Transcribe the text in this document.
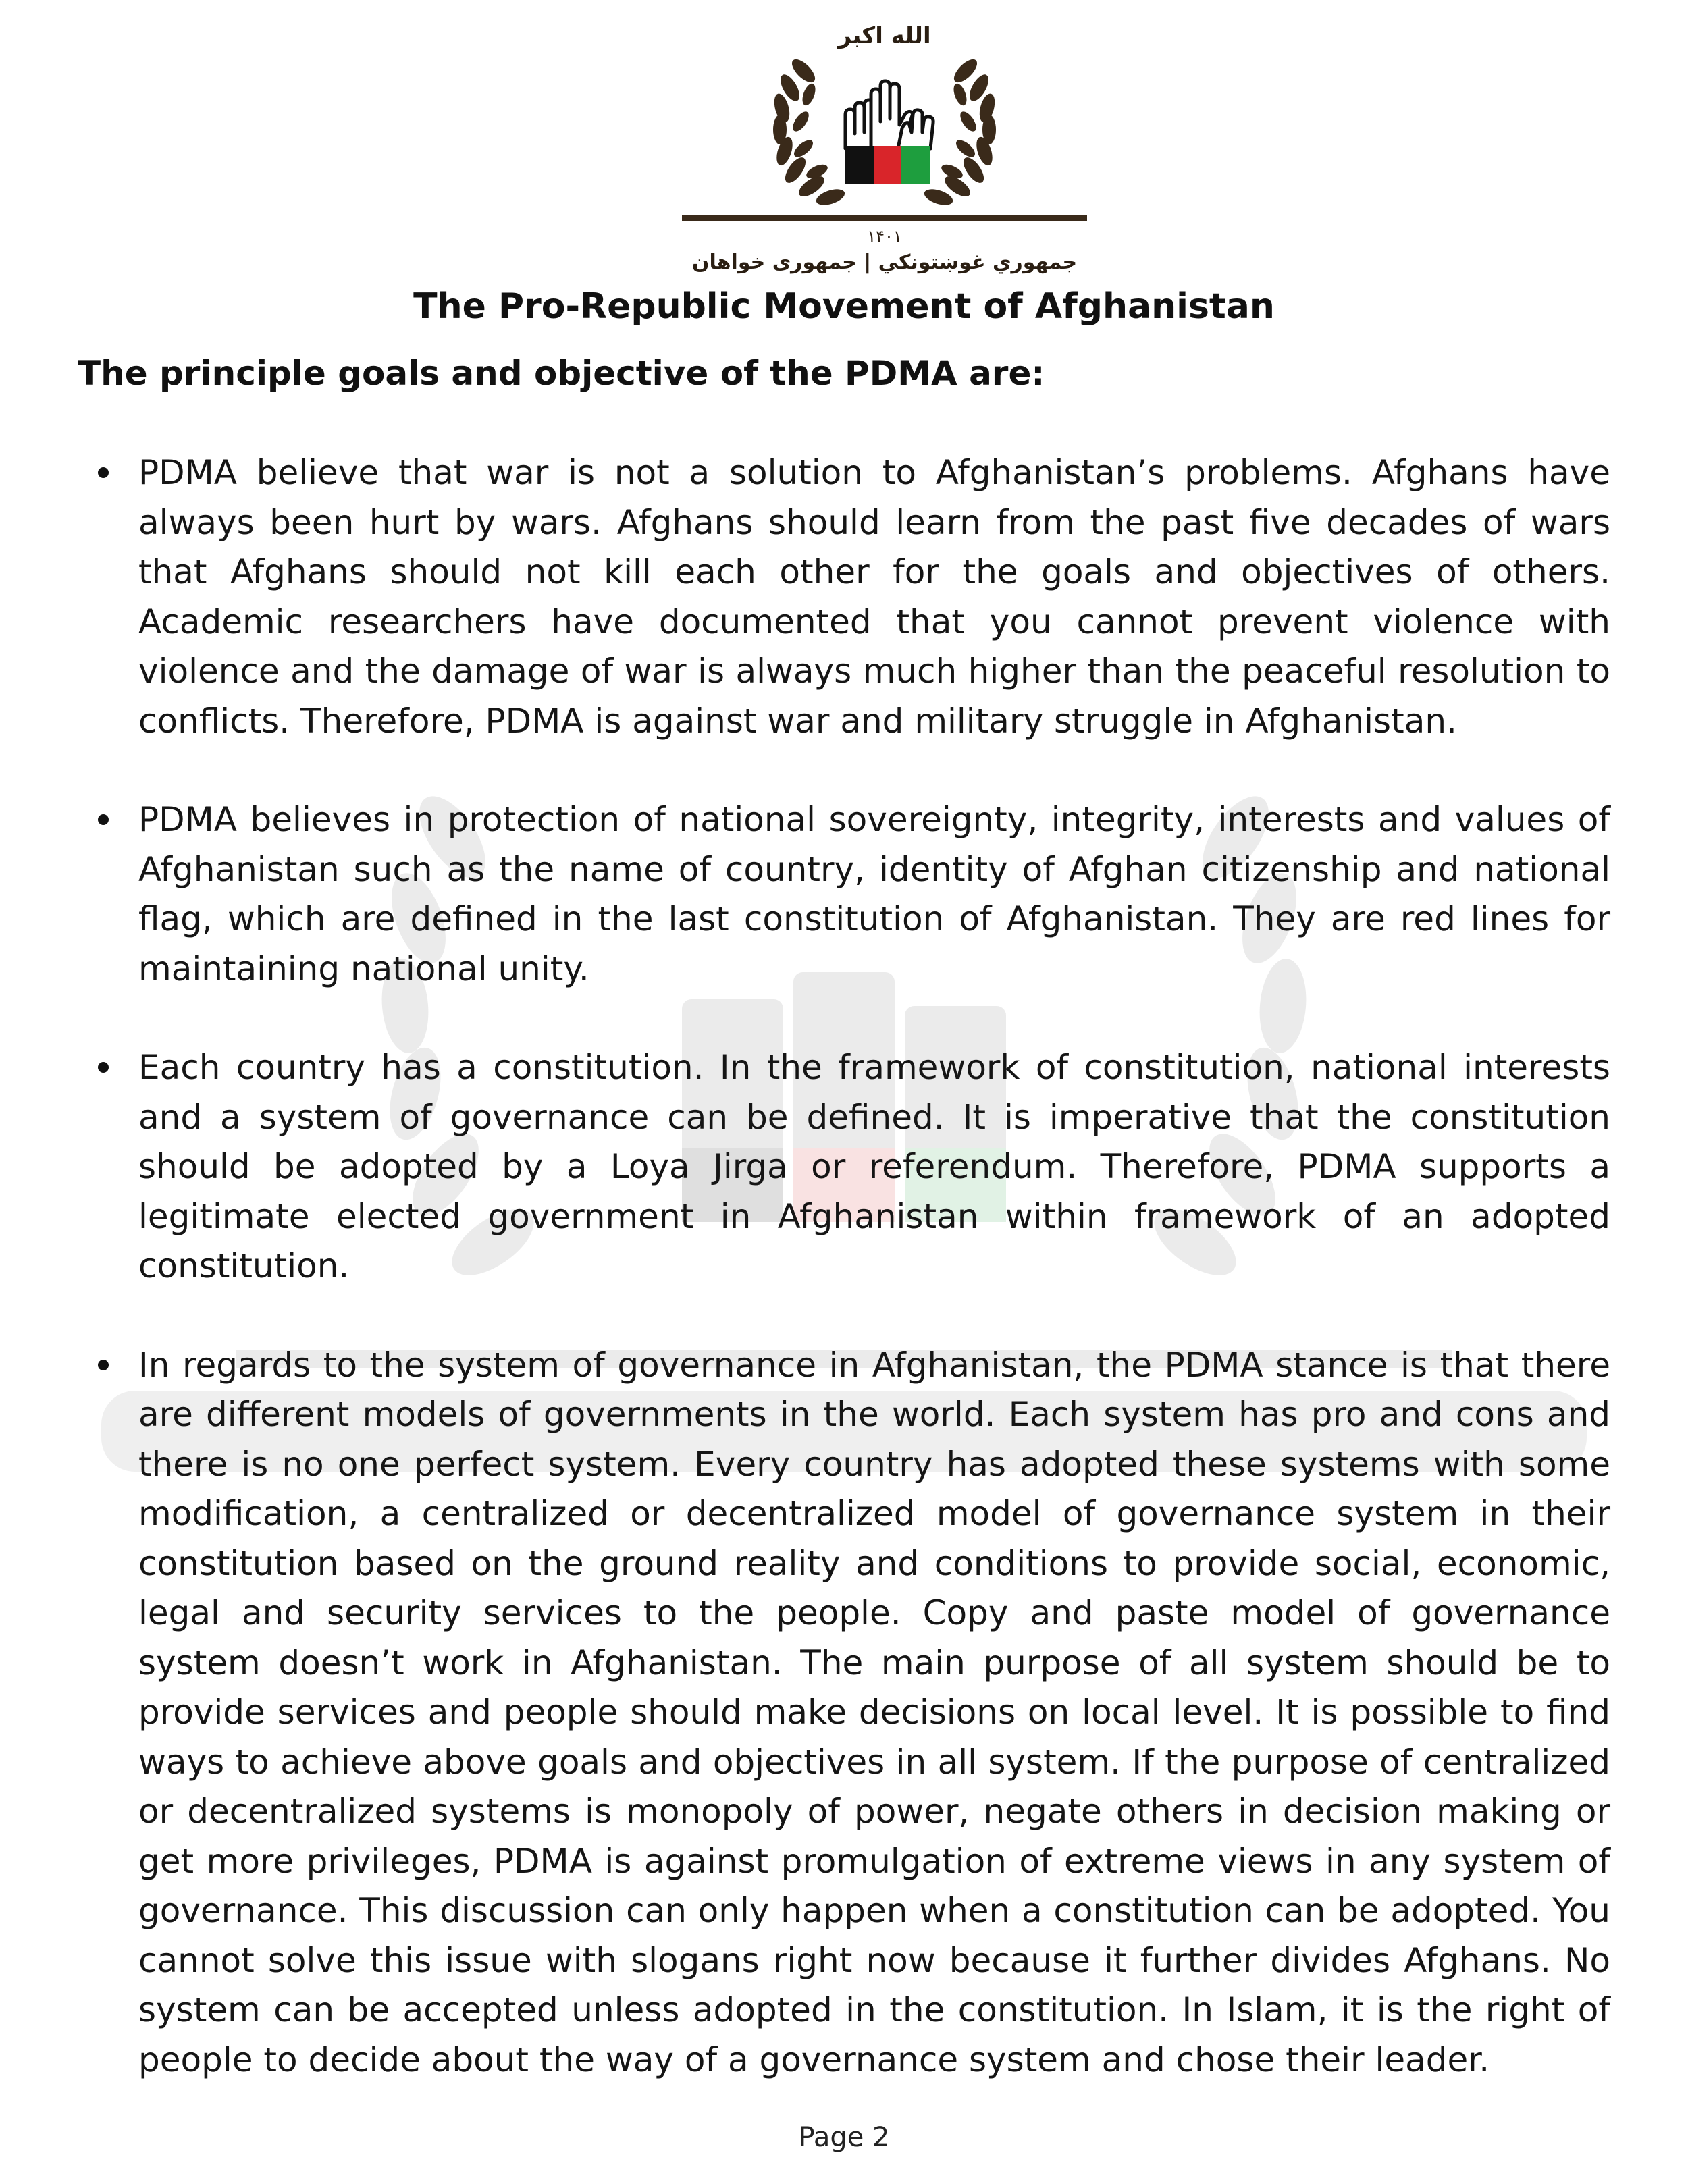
الله اکبر
۱۴۰۱
جمهوري غوښتونکي | جمهوری خواهان
The Pro-Republic Movement of Afghanistan
The principle goals and objective of the PDMA are:
PDMA believe that war is not a solution to Afghanistan’s problems. Afghans have always been hurt by wars. Afghans should learn from the past five decades of wars that Afghans should not kill each other for the goals and objectives of others. Academic researchers have documented that you cannot prevent violence with violence and the damage of war is always much higher than the peaceful resolution to conflicts. Therefore, PDMA is against war and military struggle in Afghanistan.
PDMA believes in protection of national sovereignty, integrity, interests and values of Afghanistan such as the name of country, identity of Afghan citizenship and national flag, which are defined in the last constitution of Afghanistan. They are red lines for maintaining national unity.
Each country has a constitution. In the framework of constitution, national interests and a system of governance can be defined. It is imperative that the constitution should be adopted by a Loya Jirga or referendum. Therefore, PDMA supports a legitimate elected government in Afghanistan within framework of an adopted constitution.
In regards to the system of governance in Afghanistan, the PDMA stance is that there are different models of governments in the world. Each system has pro and cons and there is no one perfect system. Every country has adopted these systems with some modification, a centralized or decentralized model of governance system in their constitution based on the ground reality and conditions to provide social, economic, legal and security services to the people. Copy and paste model of governance system doesn’t work in Afghanistan. The main purpose of all system should be to provide services and people should make decisions on local level. It is possible to find ways to achieve above goals and objectives in all system. If the purpose of centralized or decentralized systems is monopoly of power, negate others in decision making or get more privileges, PDMA is against promulgation of extreme views in any system of governance. This discussion can only happen when a constitution can be adopted. You cannot solve this issue with slogans right now because it further divides Afghans. No system can be accepted unless adopted in the constitution. In Islam, it is the right of people to decide about the way of a governance system and chose their leader.
Page 2
